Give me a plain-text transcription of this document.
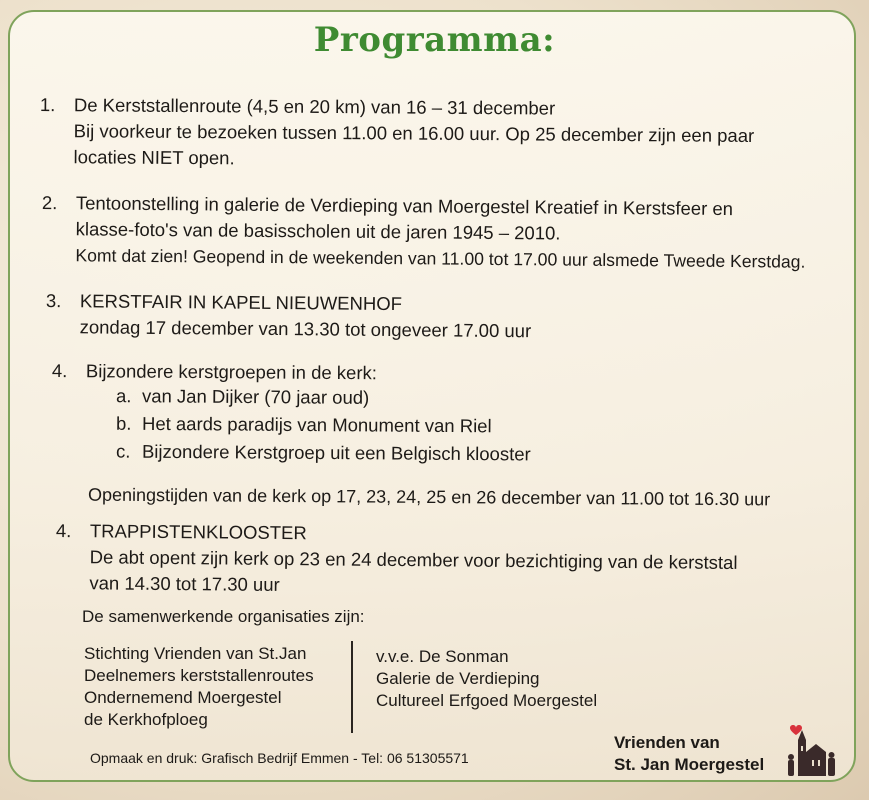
Programma:
1. De Kerststallenroute (4,5 en 20 km) van 16 – 31 december
Bij voorkeur te bezoeken tussen 11.00 en 16.00 uur. Op 25 december zijn een paar
locaties NIET open.
2. Tentoonstelling in galerie de Verdieping van Moergestel Kreatief in Kerstsfeer en
klasse-foto's van de basisscholen uit de jaren 1945 – 2010.
Komt dat zien! Geopend in de weekenden van 11.00 tot 17.00 uur alsmede Tweede Kerstdag.
3. KERSTFAIR IN KAPEL NIEUWENHOF
zondag 17 december van 13.30 tot ongeveer 17.00 uur
4. Bijzondere kerstgroepen in de kerk:
a. van Jan Dijker (70 jaar oud)
b. Het aards paradijs van Monument van Riel
c. Bijzondere Kerstgroep uit een Belgisch klooster
Openingstijden van de kerk op 17, 23, 24, 25 en 26 december van 11.00 tot 16.30 uur
4. TRAPPISTENKLOOSTER
De abt opent zijn kerk op 23 en 24 december voor bezichtiging van de kerststal
van 14.30 tot 17.30 uur
De samenwerkende organisaties zijn:
Stichting Vrienden van St.Jan
Deelnemers kerststallenroutes
Ondernemend Moergestel
de Kerkhofploeg
v.v.e. De Sonman
Galerie de Verdieping
Cultureel Erfgoed Moergestel
Opmaak en druk: Grafisch Bedrijf Emmen - Tel: 06 51305571
Vrienden van
St. Jan Moergestel
